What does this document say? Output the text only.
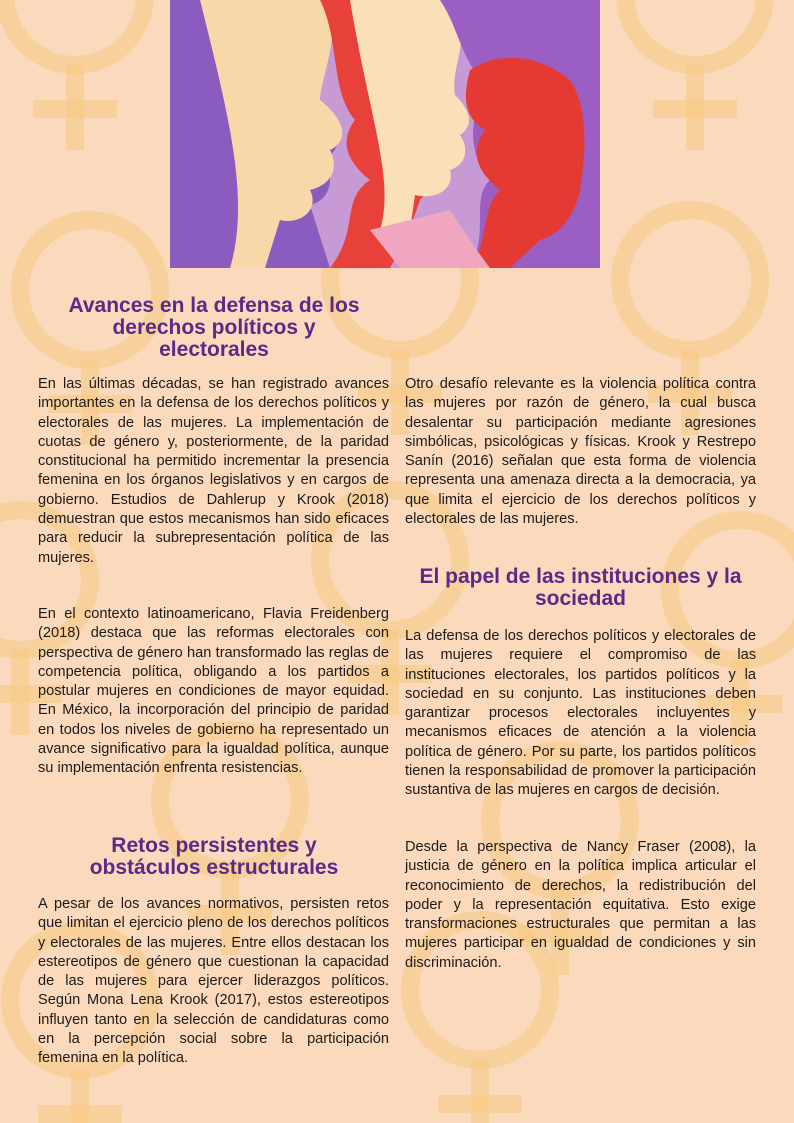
Avances en la defensa de los derechos políticos y electorales

En las últimas décadas, se han registrado avances importantes en la defensa de los derechos políticos y electorales de las mujeres. La implementación de cuotas de género y, posteriormente, de la paridad constitucional ha permitido incrementar la presencia femenina en los órganos legislativos y en cargos de gobierno. Estudios de Dahlerup y Krook (2018) demuestran que estos mecanismos han sido eficaces para reducir la subrepresentación política de las mujeres.

En el contexto latinoamericano, Flavia Freidenberg (2018) destaca que las reformas electorales con perspectiva de género han transformado las reglas de competencia política, obligando a los partidos a postular mujeres en condiciones de mayor equidad. En México, la incorporación del principio de paridad en todos los niveles de gobierno ha representado un avance significativo para la igualdad política, aunque su implementación enfrenta resistencias.

Retos persistentes y obstáculos estructurales

A pesar de los avances normativos, persisten retos que limitan el ejercicio pleno de los derechos políticos y electorales de las mujeres. Entre ellos destacan los estereotipos de género que cuestionan la capacidad de las mujeres para ejercer liderazgos políticos. Según Mona Lena Krook (2017), estos estereotipos influyen tanto en la selección de candidaturas como en la percepción social sobre la participación femenina en la política.

Otro desafío relevante es la violencia política contra las mujeres por razón de género, la cual busca desalentar su participación mediante agresiones simbólicas, psicológicas y físicas. Krook y Restrepo Sanín (2016) señalan que esta forma de violencia representa una amenaza directa a la democracia, ya que limita el ejercicio de los derechos políticos y electorales de las mujeres.

El papel de las instituciones y la sociedad

La defensa de los derechos políticos y electorales de las mujeres requiere el compromiso de las instituciones electorales, los partidos políticos y la sociedad en su conjunto. Las instituciones deben garantizar procesos electorales incluyentes y mecanismos eficaces de atención a la violencia política de género. Por su parte, los partidos políticos tienen la responsabilidad de promover la participación sustantiva de las mujeres en cargos de decisión.

Desde la perspectiva de Nancy Fraser (2008), la justicia de género en la política implica articular el reconocimiento de derechos, la redistribución del poder y la representación equitativa. Esto exige transformaciones estructurales que permitan a las mujeres participar en igualdad de condiciones y sin discriminación.
